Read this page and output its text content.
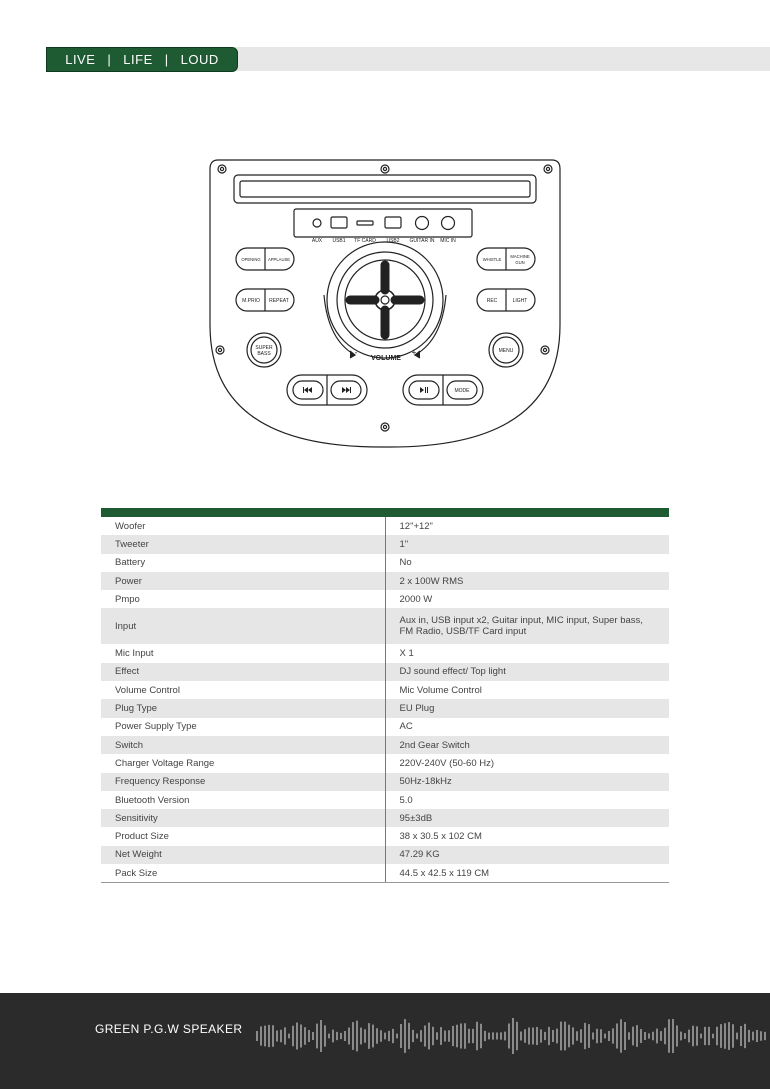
LIVE | LIFE | LOUD
AUX USB1 TF CARD USB2 GUITAR IN MIC IN
OPENING APPLAUSE
M.PRIO REPEAT
WHISTLE
MACHINE
GUN
REC	LIGHT
VOLUME
-	+
SUPER
BASS	MENU
MODE

Woofer	12"+12"
Tweeter	1"
Battery	No
Power	2 x 100W RMS
Pmpo	2000 W
Input	Aux in, USB input x2, Guitar input, MIC input, Super bass, FM Radio, USB/TF Card input
Mic Input	X 1
Effect	DJ sound effect/ Top light
Volume Control	Mic Volume Control
Plug Type	EU Plug
Power Supply Type	AC
Switch	2nd Gear Switch
Charger Voltage Range	220V-240V (50-60 Hz)
Frequency Response	50Hz-18kHz
Bluetooth Version	5.0
Sensitivity	95±3dB
Product Size	38 x 30.5 x 102 CM
Net Weight	47.29 KG
Pack Size	44.5 x 42.5 x 119 CM
GREEN P.G.W SPEAKER
